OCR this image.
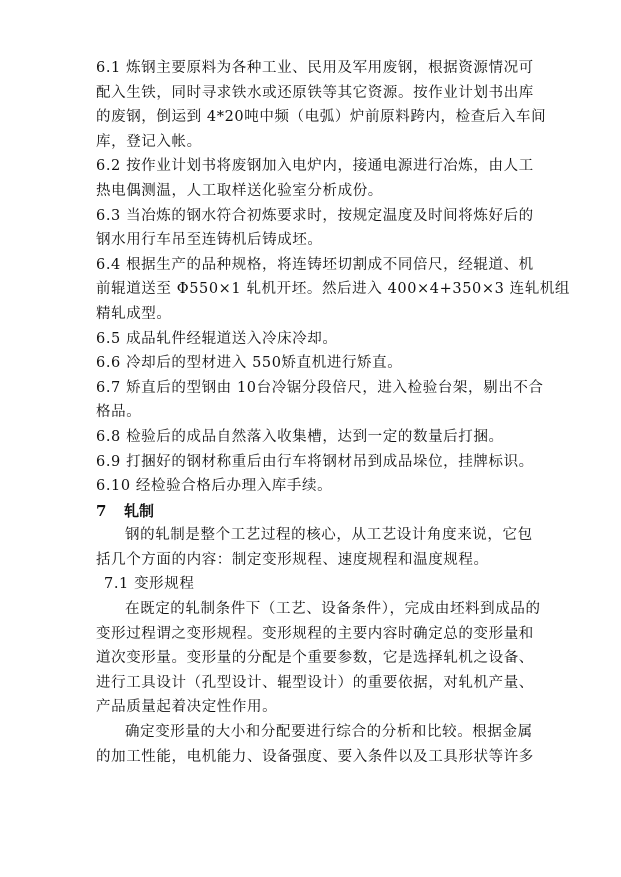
6.1 炼钢主要原料为各种工业、民用及军用废钢，根据资源情况可
配入生铁，同时寻求铁水或还原铁等其它资源。按作业计划书出库
的废钢，倒运到 4*20吨中频（电弧）炉前原料跨内，检查后入车间
库，登记入帐。
6.2 按作业计划书将废钢加入电炉内，接通电源进行冶炼，由人工
热电偶测温，人工取样送化验室分析成份。
6.3 当冶炼的钢水符合初炼要求时，按规定温度及时间将炼好后的
钢水用行车吊至连铸机后铸成坯。
6.4 根据生产的品种规格，将连铸坯切割成不同倍尺，经辊道、机
前辊道送至 Φ550×1 轧机开坯。然后进入 400×4+350×3 连轧机组
精轧成型。
6.5 成品轧件经辊道送入冷床冷却。
6.6 冷却后的型材进入 550矫直机进行矫直。
6.7 矫直后的型钢由 10台冷锯分段倍尺，进入检验台架，剔出不合
格品。
6.8 检验后的成品自然落入收集槽，达到一定的数量后打捆。
6.9 打捆好的钢材称重后由行车将钢材吊到成品垛位，挂牌标识。
6.10 经检验合格后办理入库手续。
7 轧制
钢的轧制是整个工艺过程的核心，从工艺设计角度来说，它包
括几个方面的内容：制定变形规程、速度规程和温度规程。
7.1 变形规程
在既定的轧制条件下（工艺、设备条件），完成由坯料到成品的
变形过程谓之变形规程。变形规程的主要内容时确定总的变形量和
道次变形量。变形量的分配是个重要参数，它是选择轧机之设备、
进行工具设计（孔型设计、辊型设计）的重要依据，对轧机产量、
产品质量起着决定性作用。
确定变形量的大小和分配要进行综合的分析和比较。根据金属
的加工性能，电机能力、设备强度、要入条件以及工具形状等许多
